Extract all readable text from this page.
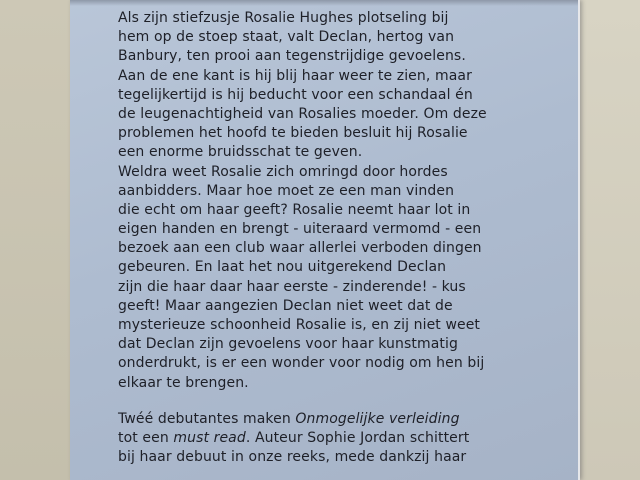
Als zijn stiefzusje Rosalie Hughes plotseling bij
hem op de stoep staat, valt Declan, hertog van
Banbury, ten prooi aan tegenstrijdige gevoelens.
Aan de ene kant is hij blij haar weer te zien, maar
tegelijkertijd is hij beducht voor een schandaal én
de leugenachtigheid van Rosalies moeder. Om deze
problemen het hoofd te bieden besluit hij Rosalie
een enorme bruidsschat te geven.
Weldra weet Rosalie zich omringd door hordes
aanbidders. Maar hoe moet ze een man vinden
die echt om haar geeft? Rosalie neemt haar lot in
eigen handen en brengt - uiteraard vermomd - een
bezoek aan een club waar allerlei verboden dingen
gebeuren. En laat het nou uitgerekend Declan
zijn die haar daar haar eerste - zinderende! - kus
geeft! Maar aangezien Declan niet weet dat de
mysterieuze schoonheid Rosalie is, en zij niet weet
dat Declan zijn gevoelens voor haar kunstmatig
onderdrukt, is er een wonder voor nodig om hen bij
elkaar te brengen.
Twéé debutantes maken Onmogelijke verleiding
tot een must read. Auteur Sophie Jordan schittert
bij haar debuut in onze reeks, mede dankzij haar
